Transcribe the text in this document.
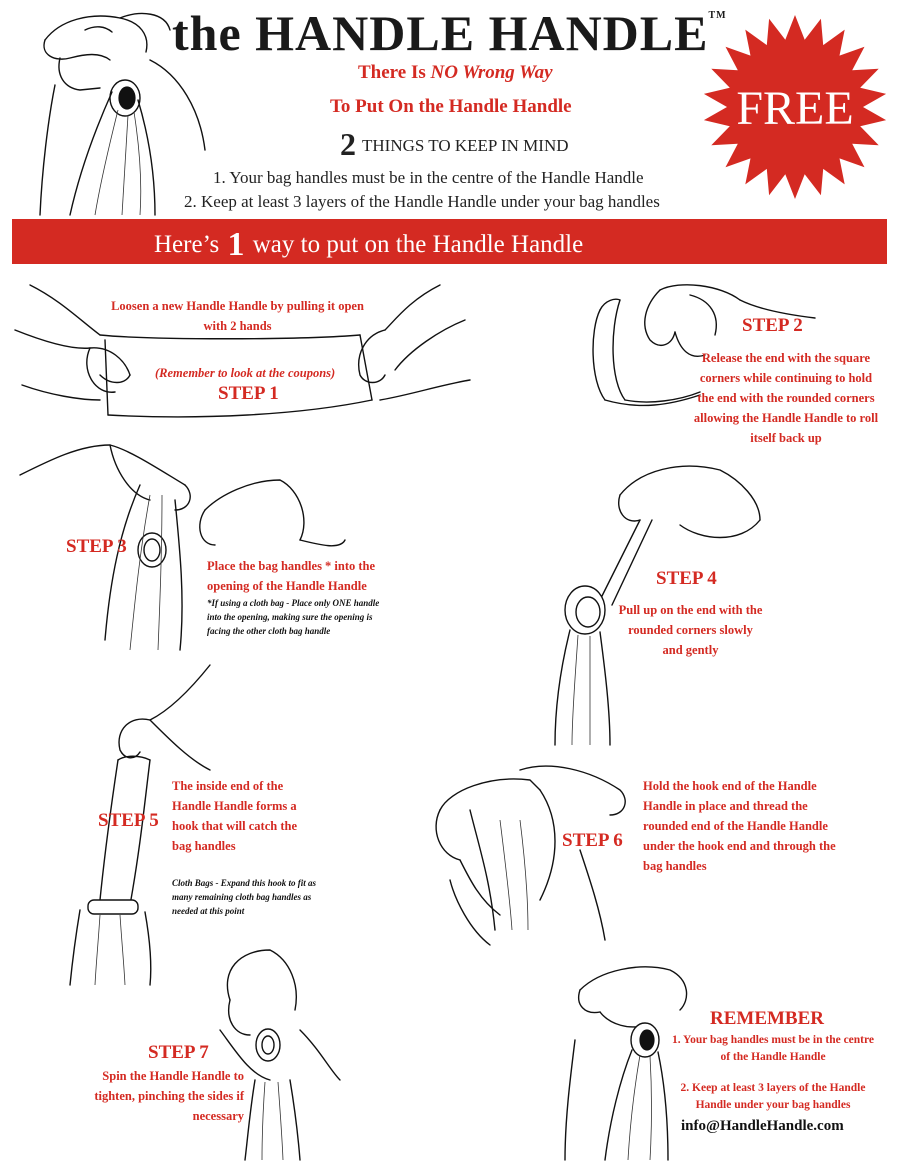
the HANDLE HANDLE™
There Is NO Wrong Way
To Put On the Handle Handle
2 THINGS TO KEEP IN MIND
1. Your bag handles must be in the centre of the Handle Handle
2. Keep at least 3 layers of the Handle Handle under your bag handles
FREE
Here’s 1 way to put on the Handle Handle
Loosen a new Handle Handle by pulling it open with 2 hands
(Remember to look at the coupons)
STEP 1
STEP 2
Release the end with the square corners while continuing to hold the end with the rounded corners allowing the Handle Handle to roll itself back up
STEP 3
Place the bag handles * into the opening of the Handle Handle
*If using a cloth bag - Place only ONE handle into the opening, making sure the opening is facing the other cloth bag handle
STEP 4
Pull up on the end with the rounded corners slowly and gently
STEP 5
The inside end of the Handle Handle forms a hook that will catch the bag handles
Cloth Bags - Expand this hook to fit as many remaining cloth bag handles as needed at this point
STEP 6
Hold the hook end of the Handle Handle in place and thread the rounded end of the Handle Handle under the hook end and through the bag handles
STEP 7
Spin the Handle Handle to tighten, pinching the sides if necessary
REMEMBER
1. Your bag handles must be in the centre of the Handle Handle
2. Keep at least 3 layers of the Handle Handle under your bag handles
info@HandleHandle.com
